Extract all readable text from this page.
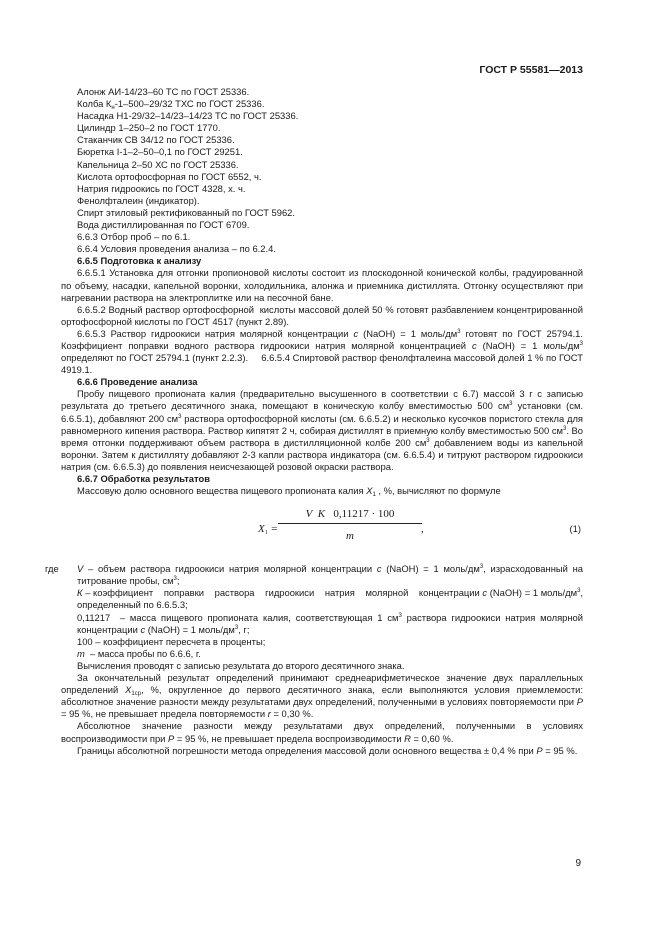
ГОСТ Р 55581—2013
Алонж АИ-14/23–60 ТС по ГОСТ 25336.
Колба $К_н-1-500-29/32$ ТХС по ГОСТ 25336.
Насадка Н1-29/32–14/23–14/23 ТС по ГОСТ 25336.
Цилиндр 1–250–2 по ГОСТ 1770.
Стаканчик СВ 34/12 по ГОСТ 25336.
Бюретка I-1–2–50–0,1 по ГОСТ 29251.
Капельница 2–50 ХС по ГОСТ 25336.
Кислота ортофосфорная по ГОСТ 6552, ч.
Натрия гидроокись по ГОСТ 4328, х. ч.
Фенолфталеин (индикатор).
Спирт этиловый ректификованный по ГОСТ 5962.
Вода дистиллированная по ГОСТ 6709.
6.6.3 Отбор проб – по 6.1.
6.6.4 Условия проведения анализа – по 6.2.4.
6.6.5 Подготовка к анализу
6.6.5.1 Установка для отгонки пропионовой кислоты состоит из плоскодонной конической колбы, градуированной по объему, насадки, капельной воронки, холодильника, алонжа и приемника дистиллята. Отгонку осуществляют при нагревании раствора на электроплитке или на песочной бане.
6.6.5.2 Водный раствор ортофосфорной  кислоты массовой долей 50 % готовят разбавлением концентрированной ортофосфорной кислоты по ГОСТ 4517 (пункт 2.89).
6.6.5.3 Раствор гидроокиси натрия молярной концентрации с (NaOH) = 1 моль/$дм^3$ готовят по ГОСТ 25794.1. Коэффициент поправки водного раствора гидроокиси натрия молярной концентрацией с (NaOH) = 1 моль/$дм^3$ определяют по ГОСТ 25794.1 (пункт 2.2.3).     6.6.5.4 Спиртовой раствор фенолфталеина массовой долей 1 % по ГОСТ 4919.1.
6.6.6 Проведение анализа
Пробу пищевого пропионата калия (предварительно высушенного в соответствии с 6.7) массой 3 г с записью результата до третьего десятичного знака, помещают в коническую колбу вместимостью 500 $см^3$ установки (см. 6.6.5.1), добавляют 200 $см^3$ раствора ортофосфорной кислоты (см. 6.6.5.2) и несколько кусочков пористого стекла для равномерного кипения раствора. Раствор кипятят 2 ч, собирая дистиллят в приемную колбу вместимостью 500 $см^3$. Во время отгонки поддерживают объем раствора в дистилляционной колбе 200 $см^3$ добавлением воды из капельной воронки. Затем к дистилляту добавляют 2-3 капли раствора индикатора (см. 6.6.5.4) и титруют раствором гидроокиси натрия (см. 6.6.5.3) до появления неисчезающей розовой окраски раствора.
6.6.7 Обработка результатов
Массовую долю основного вещества пищевого пропионата калия $X_1$ , %, вычисляют по формуле
$X_1 = \frac{\text{V  K   0,11217 · 100}}{m}$ ,	(1)
где V – объем раствора гидроокиси натрия молярной концентрации с (NaOH) = 1 моль/$дм^3$, израсходованный на титрование пробы, $см^3$;
К – коэффициент    поправки    раствора    гидроокиси    натрия    молярной    концентрации с (NaOH) = 1 моль/$дм^3$, определенный по 6.6.5.3;
0,11217  – масса пищевого пропионата калия, соответствующая 1 $см^3$ раствора гидроокиси натрия молярной концентрации с (NaOH) = 1 моль/$дм^3$, г;
100 – коэффициент пересчета в проценты;
m  – масса пробы по 6.6.6, г.
Вычисления проводят с записью результата до второго десятичного знака.
За окончательный результат определений принимают среднеарифметическое значение двух параллельных определений $X_{1ср}$, %, округленное до первого десятичного знака, если выполняются условия приемлемости: абсолютное значение разности между результатами двух определений, полученными в условиях повторяемости при Р = 95 %, не превышает предела повторяемости r = 0,30 %.
Абсолютное значение разности между результатами двух определений, полученными в условиях воспроизводимости при Р = 95 %, не превышает предела воспроизводимости R = 0,60 %.
Границы абсолютной погрешности метода определения массовой доли основного вещества ± 0,4 % при Р = 95 %.
9
